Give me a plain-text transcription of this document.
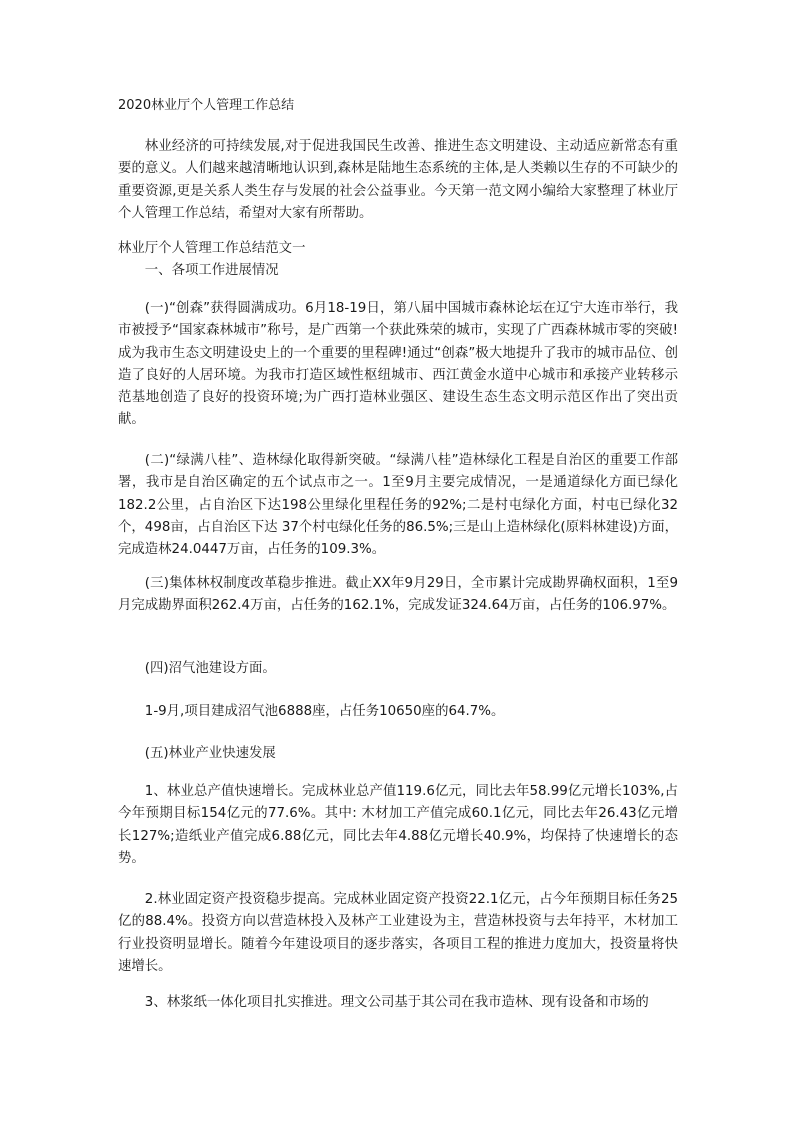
2020林业厅个人管理工作总结

林业经济的可持续发展,对于促进我国民生改善、推进生态文明建设、主动适应新常态有重要的意义。人们越来越清晰地认识到,森林是陆地生态系统的主体,是人类赖以生存的不可缺少的重要资源,更是关系人类生存与发展的社会公益事业。今天第一范文网小编给大家整理了林业厅个人管理工作总结，希望对大家有所帮助。

林业厅个人管理工作总结范文一

一、各项工作进展情况

(一)“创森”获得圆满成功。6月18-19日，第八届中国城市森林论坛在辽宁大连市举行，我市被授予“国家森林城市”称号，是广西第一个获此殊荣的城市，实现了广西森林城市零的突破!成为我市生态文明建设史上的一个重要的里程碑!通过“创森”极大地提升了我市的城市品位、创造了良好的人居环境。为我市打造区域性枢纽城市、西江黄金水道中心城市和承接产业转移示范基地创造了良好的投资环境;为广西打造林业强区、建设生态生态文明示范区作出了突出贡献。

(二)“绿满八桂”、造林绿化取得新突破。“绿满八桂”造林绿化工程是自治区的重要工作部署，我市是自治区确定的五个试点市之一。1至9月主要完成情况，一是通道绿化方面已绿化182.2公里，占自治区下达198公里绿化里程任务的92%;二是村屯绿化方面，村屯已绿化32个，498亩，占自治区下达 37个村屯绿化任务的86.5%;三是山上造林绿化(原料林建设)方面，完成造林24.0447万亩，占任务的109.3%。

(三)集体林权制度改革稳步推进。截止XX年9月29日，全市累计完成勘界确权面积，1至9月完成勘界面积262.4万亩，占任务的162.1%，完成发证324.64万亩，占任务的106.97%。

(四)沼气池建设方面。

1-9月,项目建成沼气池6888座，占任务10650座的64.7%。

(五)林业产业快速发展

1、林业总产值快速增长。完成林业总产值119.6亿元，同比去年58.99亿元增长103%,占今年预期目标154亿元的77.6%。其中: 木材加工产值完成60.1亿元，同比去年26.43亿元增长127%;造纸业产值完成6.88亿元，同比去年4.88亿元增长40.9%，均保持了快速增长的态势。

2.林业固定资产投资稳步提高。完成林业固定资产投资22.1亿元，占今年预期目标任务25亿的88.4%。投资方向以营造林投入及林产工业建设为主，营造林投资与去年持平，木材加工行业投资明显增长。随着今年建设项目的逐步落实，各项目工程的推进力度加大，投资量将快速增长。

3、林浆纸一体化项目扎实推进。理文公司基于其公司在我市造林、现有设备和市场的
